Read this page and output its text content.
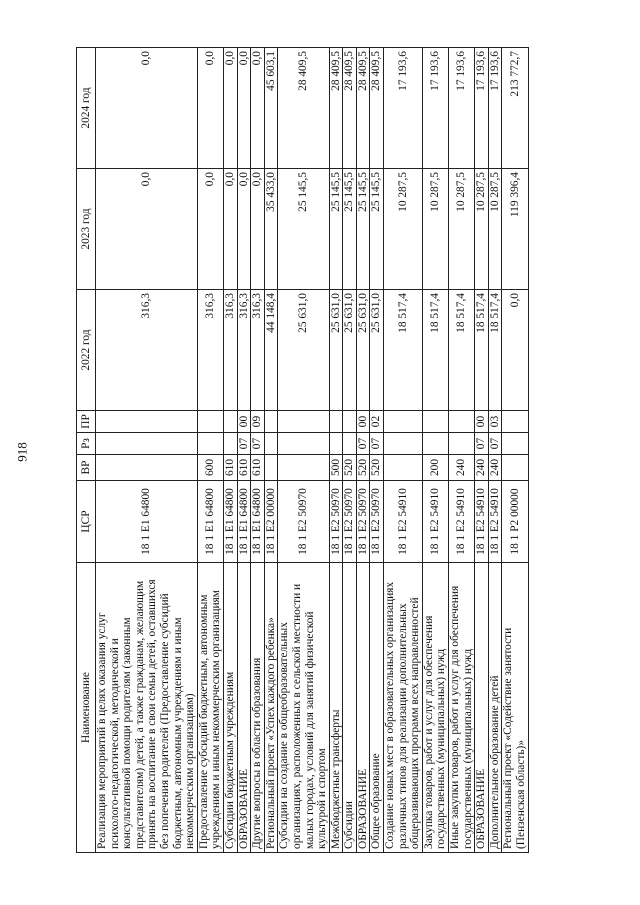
918
Наименование	ЦСР	ВР	Рз	ПР	2022 год	2023 год	2024 год
Реализация мероприятий в целях оказания услуг психолого-педагогической, методической и консультативной помощи родителям (законным представителям) детей, а также гражданам, желающим принять на воспитание в свои семьи детей, оставшихся без попечения родителей (Предоставление субсидий бюджетным, автономным учреждениям и иным некоммерческим организациям)	18 1 E1 64800				316,3	0,0	0,0
Предоставление субсидий бюджетным, автономным учреждениям и иным некоммерческим организациям	18 1 E1 64800	600			316,3	0,0	0,0
Субсидии бюджетным учреждениям	18 1 E1 64800	610			316,3	0,0	0,0
ОБРАЗОВАНИЕ	18 1 E1 64800	610	07	00	316,3	0,0	0,0
Другие вопросы в области образования	18 1 E1 64800	610	07	09	316,3	0,0	0,0
Региональный проект «Успех каждого ребенка»	18 1 E2 00000				44 148,4	35 433,0	45 603,1
Субсидии на создание в общеобразовательных организациях, расположенных в сельской местности и малых городах, условий для занятий физической культурой и спортом	18 1 E2 50970				25 631,0	25 145,5	28 409,5
Межбюджетные трансферты	18 1 E2 50970	500			25 631,0	25 145,5	28 409,5
Субсидии	18 1 E2 50970	520			25 631,0	25 145,5	28 409,5
ОБРАЗОВАНИЕ	18 1 E2 50970	520	07	00	25 631,0	25 145,5	28 409,5
Общее образование	18 1 E2 50970	520	07	02	25 631,0	25 145,5	28 409,5
Создание новых мест в образовательных организациях различных типов для реализации дополнительных общеразвивающих программ всех направленностей	18 1 E2 54910				18 517,4	10 287,5	17 193,6
Закупка товаров, работ и услуг для обеспечения государственных (муниципальных) нужд	18 1 E2 54910	200			18 517,4	10 287,5	17 193,6
Иные закупки товаров, работ и услуг для обеспечения государственных (муниципальных) нужд	18 1 E2 54910	240			18 517,4	10 287,5	17 193,6
ОБРАЗОВАНИЕ	18 1 E2 54910	240	07	00	18 517,4	10 287,5	17 193,6
Дополнительное образование детей	18 1 E2 54910	240	07	03	18 517,4	10 287,5	17 193,6
Региональный проект «Содействие занятости (Пензенская область)»	18 1 P2 00000				0,0	119 396,4	213 772,7
